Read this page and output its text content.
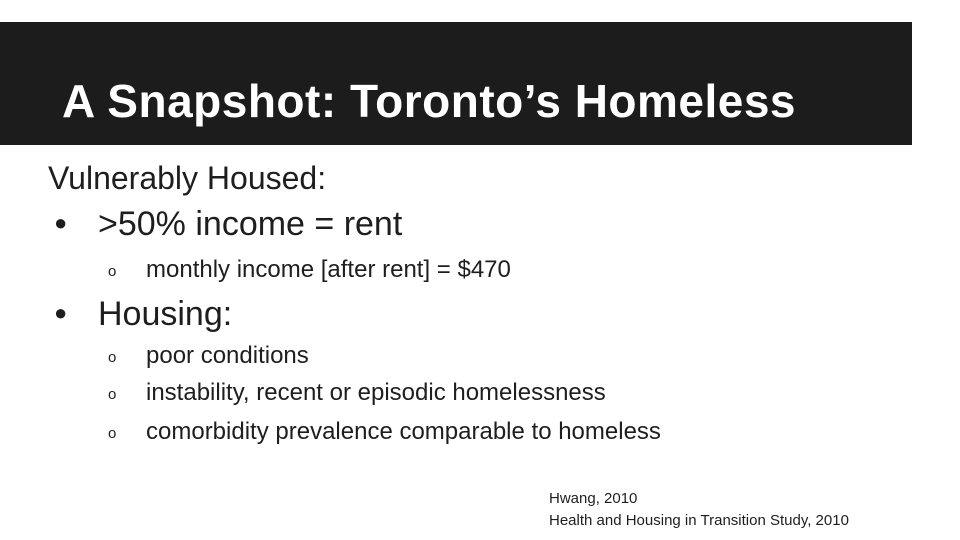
A Snapshot: Toronto’s Homeless
Vulnerably Housed:
● >50% income = rent
o monthly income [after rent] = $470
● Housing:
o poor conditions
o instability, recent or episodic homelessness
o comorbidity prevalence comparable to homeless
Hwang, 2010
Health and Housing in Transition Study, 2010
